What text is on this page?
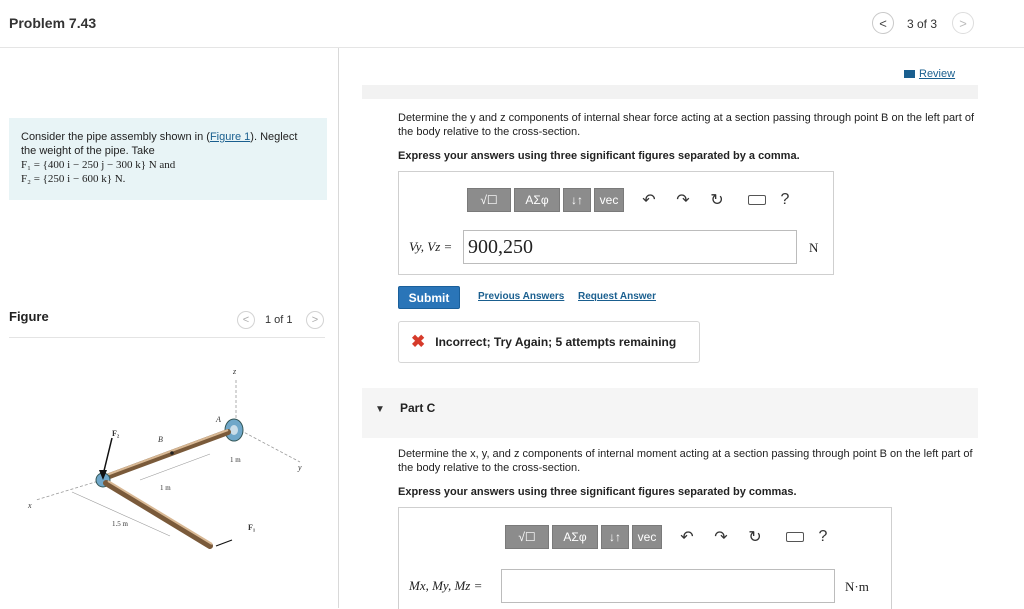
Problem 7.43	< 3 of 3 >
Consider the pipe assembly shown in (Figure 1). Neglect the weight of the pipe. Take
F₁ = {400 i − 250 j − 300 k} N and
F₂ = {250 i − 600 k} N.
Figure	< 1 of 1 >
z
y
x
A
B
F₂
F₁
1 m
1 m
1.5 m
Review
Determine the y and z components of internal shear force acting at a section passing through point B on the left part of the body relative to the cross-section.
Express your answers using three significant figures separated by a comma.
√☐ AΣφ ↓↑ vec ↶ ↷ ↻	?
Vy, Vz = 900,250	N
Submit	Previous Answers Request Answer
✖ Incorrect; Try Again; 5 attempts remaining
▼ Part C
Determine the x, y, and z components of internal moment acting at a section passing through point B on the left part of the body relative to the cross-section.
Express your answers using three significant figures separated by commas.
√☐ AΣφ ↓↑ vec ↶ ↷ ↻	?
Mx, My, Mz =	N·m
